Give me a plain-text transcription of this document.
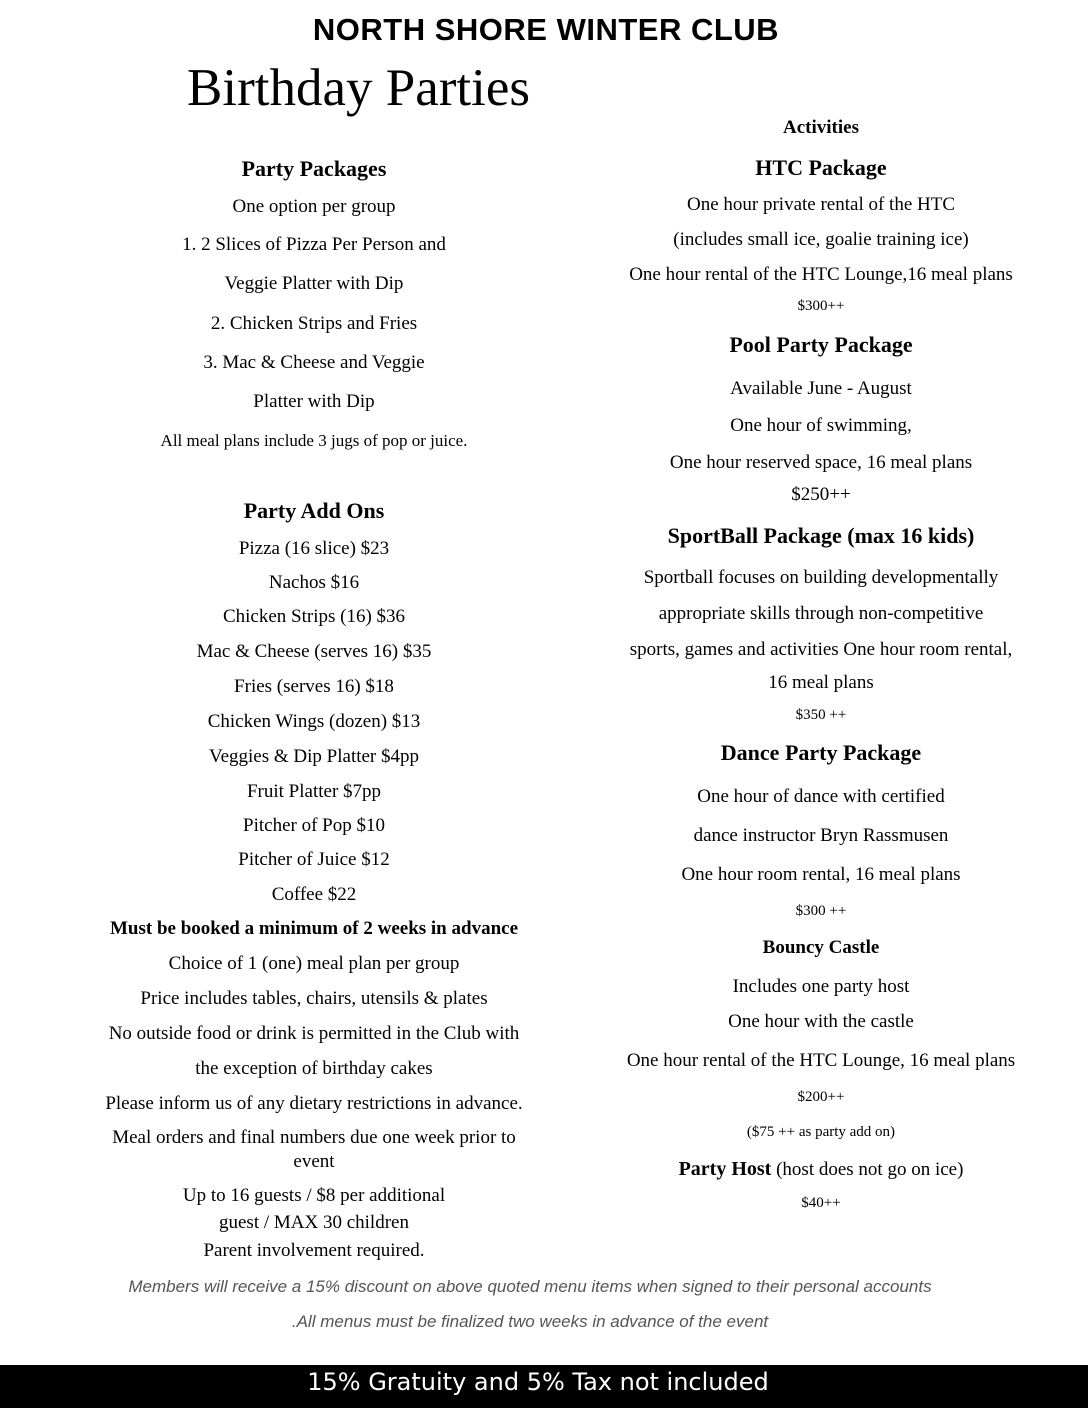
NORTH SHORE WINTER CLUB
Birthday Parties
Party Packages
One option per group
1. 2 Slices of Pizza Per Person and
Veggie Platter with Dip
2. Chicken Strips and Fries
3. Mac & Cheese and Veggie
Platter with Dip
All meal plans include 3 jugs of pop or juice.
Party Add Ons
Pizza (16 slice) $23
Nachos $16
Chicken Strips (16) $36
Mac & Cheese (serves 16) $35
Fries (serves 16) $18
Chicken Wings (dozen) $13
Veggies & Dip Platter $4pp
Fruit Platter $7pp
Pitcher of Pop $10
Pitcher of Juice $12
Coffee $22
Must be booked a minimum of 2 weeks in advance
Choice of 1 (one) meal plan per group
Price includes tables, chairs, utensils & plates
No outside food or drink is permitted in the Club with
the exception of birthday cakes
Please inform us of any dietary restrictions in advance.
Meal orders and final numbers due one week prior to
event
Up to 16 guests / $8 per additional
guest / MAX 30 children
Parent involvement required.
Activities
HTC Package
One hour private rental of the HTC
(includes small ice, goalie training ice)
One hour rental of the HTC Lounge,16 meal plans
$300++
Pool Party Package
Available June - August
One hour of swimming,
One hour reserved space, 16 meal plans
$250++
SportBall Package (max 16 kids)
Sportball focuses on building developmentally
appropriate skills through non-competitive
sports, games and activities One hour room rental,
16 meal plans
$350 ++
Dance Party Package
One hour of dance with certified
dance instructor Bryn Rassmusen
One hour room rental, 16 meal plans
$300 ++
Bouncy Castle
Includes one party host
One hour with the castle
One hour rental of the HTC Lounge, 16 meal plans
$200++
($75 ++ as party add on)
Party Host (host does not go on ice)
$40++
Members will receive a 15% discount on above quoted menu items when signed to their personal accounts
.All menus must be finalized two weeks in advance of the event
15% Gratuity and 5% Tax not included
